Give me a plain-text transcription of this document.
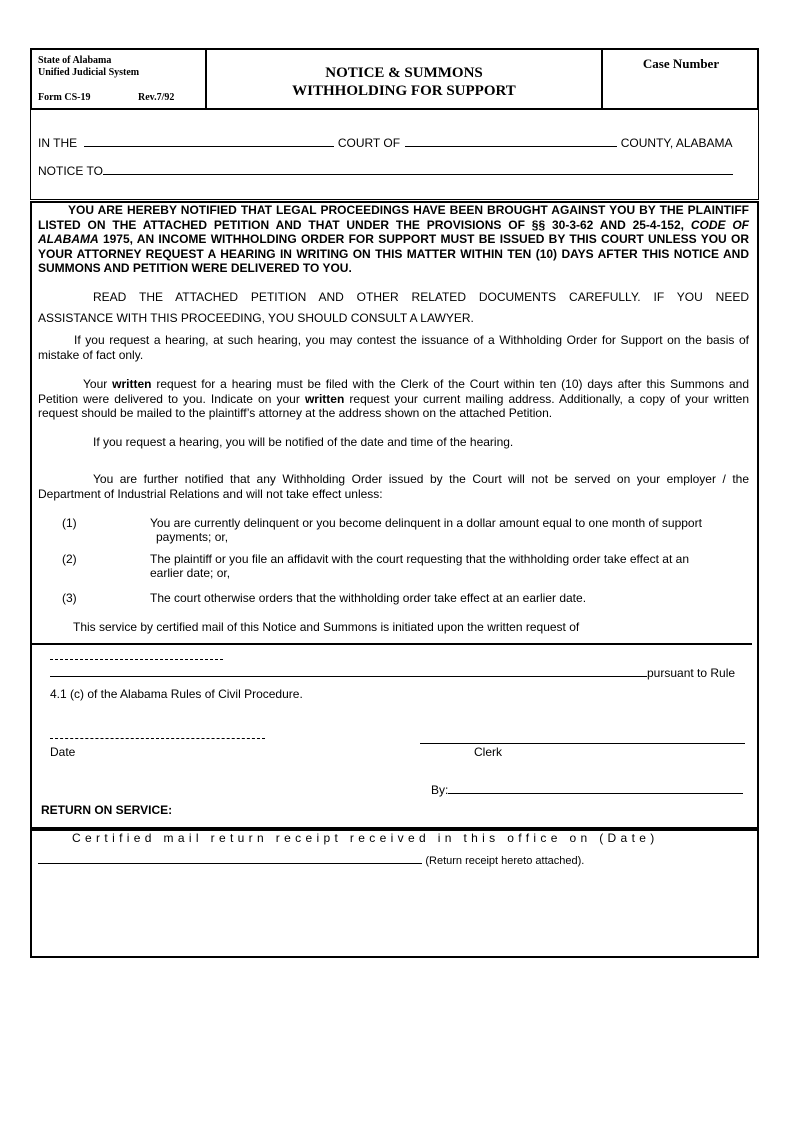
State of Alabama
Unified Judicial System
Form CS-19	Rev.7/92
NOTICE & SUMMONS
WITHHOLDING FOR SUPPORT
Case Number
IN THE	COURT OF	COUNTY, ALABAMA
NOTICE TO
YOU ARE HEREBY NOTIFIED THAT LEGAL PROCEEDINGS HAVE BEEN BROUGHT AGAINST YOU BY THE PLAINTIFF LISTED ON THE ATTACHED PETITION AND THAT UNDER THE PROVISIONS OF §§ 30-3-62 AND 25-4-152, CODE OF ALABAMA 1975, AN INCOME WITHHOLDING ORDER FOR SUPPORT MUST BE ISSUED BY THIS COURT UNLESS YOU OR YOUR ATTORNEY REQUEST A HEARING IN WRITING ON THIS MATTER WITHIN TEN (10) DAYS AFTER THIS NOTICE AND SUMMONS AND PETITION WERE DELIVERED TO YOU.
READ THE ATTACHED PETITION AND OTHER RELATED DOCUMENTS CAREFULLY. IF YOU NEED
ASSISTANCE WITH THIS PROCEEDING, YOU SHOULD CONSULT A LAWYER.
If you request a hearing, at such hearing, you may contest the issuance of a Withholding Order for Support on the basis of mistake of fact only.
Your written request for a hearing must be filed with the Clerk of the Court within ten (10) days after this Summons and Petition were delivered to you. Indicate on your written request your current mailing address. Additionally, a copy of your written request should be mailed to the plaintiff’s attorney at the address shown on the attached Petition.
If you request a hearing, you will be notified of the date and time of the hearing.
You are further notified that any Withholding Order issued by the Court will not be served on your employer / the Department of Industrial Relations and will not take effect unless:
(1)	You are currently delinquent or you become delinquent in a dollar amount equal to one month of support
payments; or,
(2)	The plaintiff or you file an affidavit with the court requesting that the withholding order take effect at an
earlier date; or,
(3)	The court otherwise orders that the withholding order take effect at an earlier date.
This service by certified mail of this Notice and Summons is initiated upon the written request of
pursuant to Rule
4.1 (c) of the Alabama Rules of Civil Procedure.
Date	Clerk
By:
RETURN ON SERVICE:
Certified mail return receipt received in this office on (Date)
(Return receipt hereto attached).
